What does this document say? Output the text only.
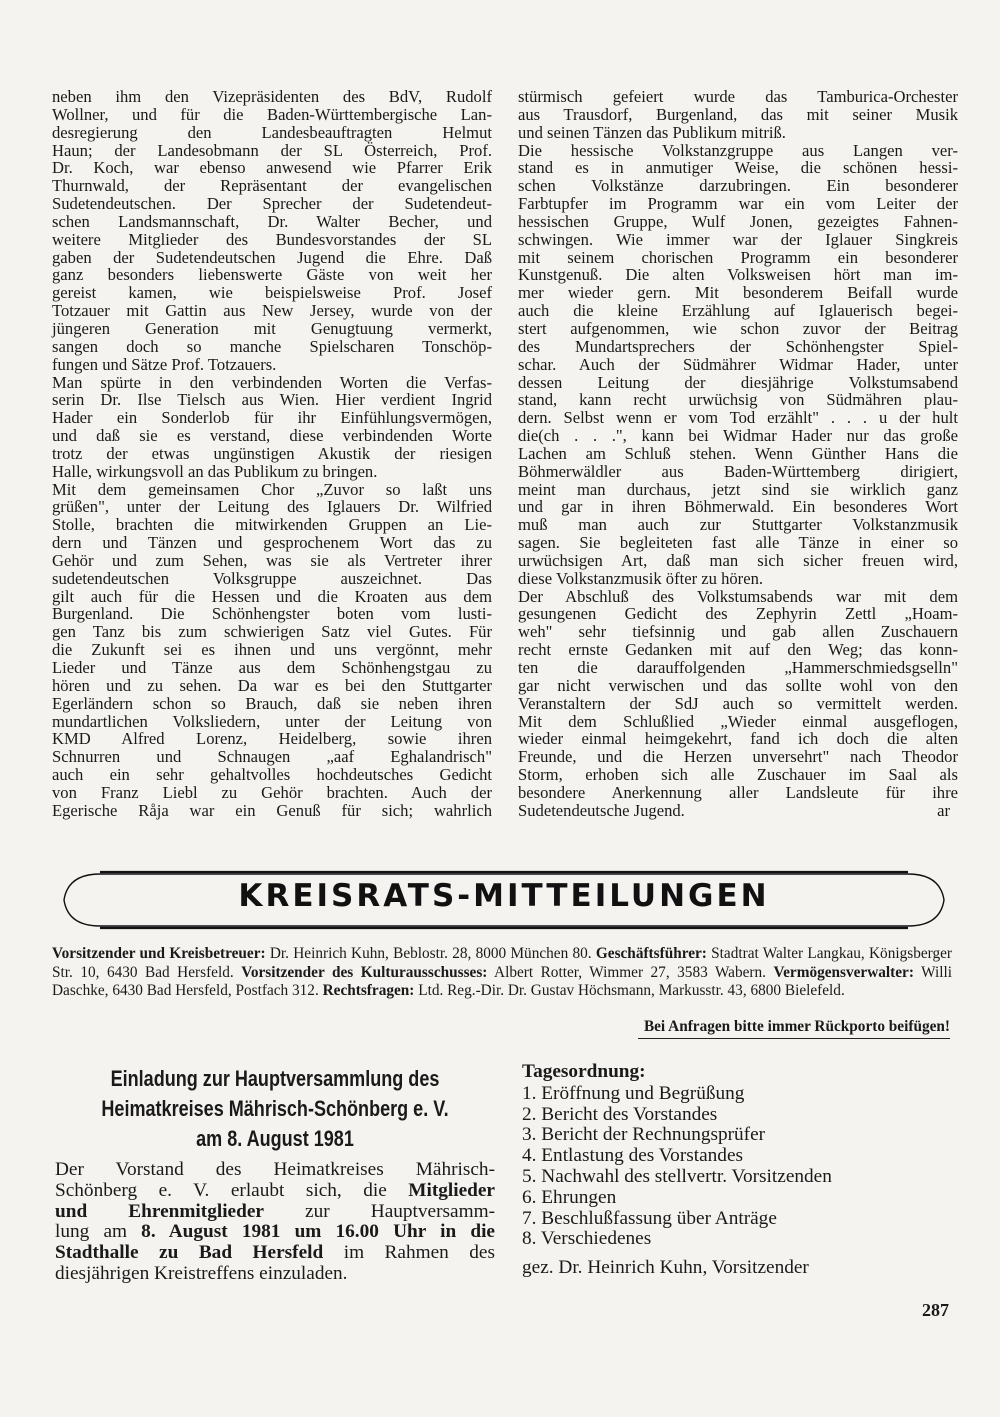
neben ihm den Vizepräsidenten des BdV, Rudolf
Wollner, und für die Baden-Württembergische Lan-
desregierung den Landesbeauftragten Helmut
Haun; der Landesobmann der SL Österreich, Prof.
Dr. Koch, war ebenso anwesend wie Pfarrer Erik
Thurnwald, der Repräsentant der evangelischen
Sudetendeutschen. Der Sprecher der Sudetendeut-
schen Landsmannschaft, Dr. Walter Becher, und
weitere Mitglieder des Bundesvorstandes der SL
gaben der Sudetendeutschen Jugend die Ehre. Daß
ganz besonders liebenswerte Gäste von weit her
gereist kamen, wie beispielsweise Prof. Josef
Totzauer mit Gattin aus New Jersey, wurde von der
jüngeren Generation mit Genugtuung vermerkt,
sangen doch so manche Spielscharen Tonschöp-
fungen und Sätze Prof. Totzauers.
Man spürte in den verbindenden Worten die Verfas-
serin Dr. Ilse Tielsch aus Wien. Hier verdient Ingrid
Hader ein Sonderlob für ihr Einfühlungsvermögen,
und daß sie es verstand, diese verbindenden Worte
trotz der etwas ungünstigen Akustik der riesigen
Halle, wirkungsvoll an das Publikum zu bringen.
Mit dem gemeinsamen Chor „Zuvor so laßt uns
grüßen", unter der Leitung des Iglauers Dr. Wilfried
Stolle, brachten die mitwirkenden Gruppen an Lie-
dern und Tänzen und gesprochenem Wort das zu
Gehör und zum Sehen, was sie als Vertreter ihrer
sudetendeutschen Volksgruppe auszeichnet. Das
gilt auch für die Hessen und die Kroaten aus dem
Burgenland. Die Schönhengster boten vom lusti-
gen Tanz bis zum schwierigen Satz viel Gutes. Für
die Zukunft sei es ihnen und uns vergönnt, mehr
Lieder und Tänze aus dem Schönhengstgau zu
hören und zu sehen. Da war es bei den Stuttgarter
Egerländern schon so Brauch, daß sie neben ihren
mundartlichen Volksliedern, unter der Leitung von
KMD Alfred Lorenz, Heidelberg, sowie ihren
Schnurren und Schnaugen „aaf Eghalandrisch"
auch ein sehr gehaltvolles hochdeutsches Gedicht
von Franz Liebl zu Gehör brachten. Auch der
Egerische Råja war ein Genuß für sich; wahrlich
stürmisch gefeiert wurde das Tamburica-Orchester
aus Trausdorf, Burgenland, das mit seiner Musik
und seinen Tänzen das Publikum mitriß.
Die hessische Volkstanzgruppe aus Langen ver-
stand es in anmutiger Weise, die schönen hessi-
schen Volkstänze darzubringen. Ein besonderer
Farbtupfer im Programm war ein vom Leiter der
hessischen Gruppe, Wulf Jonen, gezeigtes Fahnen-
schwingen. Wie immer war der Iglauer Singkreis
mit seinem chorischen Programm ein besonderer
Kunstgenuß. Die alten Volksweisen hört man im-
mer wieder gern. Mit besonderem Beifall wurde
auch die kleine Erzählung auf Iglauerisch begei-
stert aufgenommen, wie schon zuvor der Beitrag
des Mundartsprechers der Schönhengster Spiel-
schar. Auch der Südmährer Widmar Hader, unter
dessen Leitung der diesjährige Volkstumsabend
stand, kann recht urwüchsig von Südmähren plau-
dern. Selbst wenn er vom Tod erzählt" . . . u der hult
die(ch . . .", kann bei Widmar Hader nur das große
Lachen am Schluß stehen. Wenn Günther Hans die
Böhmerwäldler aus Baden-Württemberg dirigiert,
meint man durchaus, jetzt sind sie wirklich ganz
und gar in ihren Böhmerwald. Ein besonderes Wort
muß man auch zur Stuttgarter Volkstanzmusik
sagen. Sie begleiteten fast alle Tänze in einer so
urwüchsigen Art, daß man sich sicher freuen wird,
diese Volkstanzmusik öfter zu hören.
Der Abschluß des Volkstumsabends war mit dem
gesungenen Gedicht des Zephyrin Zettl „Hoam-
weh" sehr tiefsinnig und gab allen Zuschauern
recht ernste Gedanken mit auf den Weg; das konn-
ten die darauffolgenden „Hammerschmiedsgselln"
gar nicht verwischen und das sollte wohl von den
Veranstaltern der SdJ auch so vermittelt werden.
Mit dem Schlußlied „Wieder einmal ausgeflogen,
wieder einmal heimgekehrt, fand ich doch die alten
Freunde, und die Herzen unversehrt" nach Theodor
Storm, erhoben sich alle Zuschauer im Saal als
besondere Anerkennung aller Landsleute für ihre
Sudetendeutsche Jugend.	ar
KREISRATS-MITTEILUNGEN
Vorsitzender und Kreisbetreuer: Dr. Heinrich Kuhn, Beblostr. 28, 8000 München 80. Geschäftsführer: Stadtrat Walter Langkau, Königsberger Str. 10, 6430 Bad Hersfeld. Vorsitzender des Kulturausschusses: Albert Rotter, Wimmer 27, 3583 Wabern. Vermögensverwalter: Willi Daschke, 6430 Bad Hersfeld, Postfach 312. Rechtsfragen: Ltd. Reg.-Dir. Dr. Gustav Höchsmann, Markusstr. 43, 6800 Bielefeld.
Bei Anfragen bitte immer Rückporto beifügen!
Einladung zur Hauptversammlung des
Heimatkreises Mährisch-Schönberg e. V.
am 8. August 1981
Der Vorstand des Heimatkreises Mährisch-
Schönberg e. V. erlaubt sich, die Mitglieder
und Ehrenmitglieder zur Hauptversamm-
lung am 8. August 1981 um 16.00 Uhr in die
Stadthalle zu Bad Hersfeld im Rahmen des
diesjährigen Kreistreffens einzuladen.
Tagesordnung:
1. Eröffnung und Begrüßung
2. Bericht des Vorstandes
3. Bericht der Rechnungsprüfer
4. Entlastung des Vorstandes
5. Nachwahl des stellvertr. Vorsitzenden
6. Ehrungen
7. Beschlußfassung über Anträge
8. Verschiedenes
gez. Dr. Heinrich Kuhn, Vorsitzender
287
